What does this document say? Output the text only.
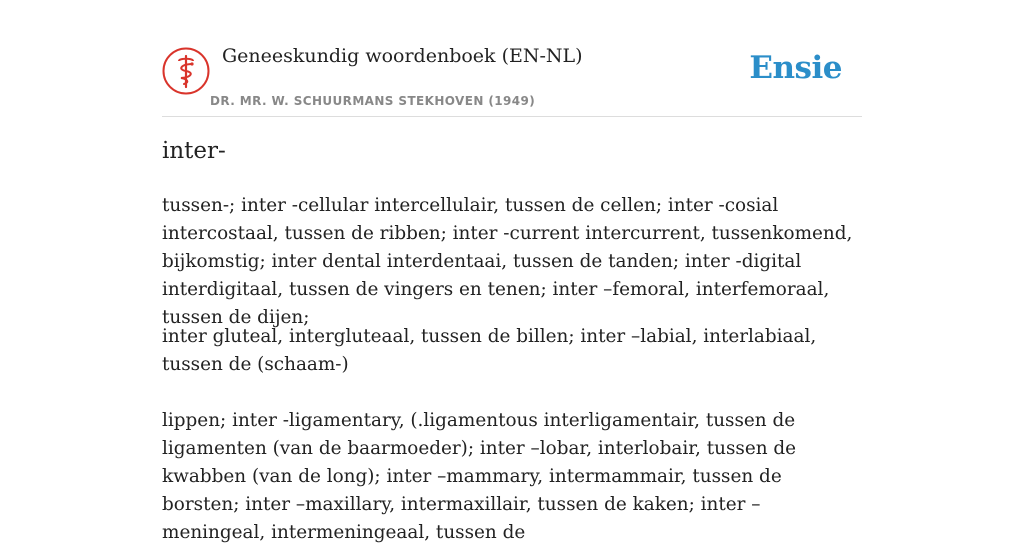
Geneeskundig woordenboek (EN-NL)
DR. MR. W. SCHUURMANS STEKHOVEN (1949)
Ensie
inter-

tussen-; inter -cellular intercellulair, tussen de cellen; inter -cosial intercostaal, tussen de ribben; inter -current intercurrent, tussenkomend, bijkomstig; inter dental interdentaai, tussen de tanden; inter -digital interdigitaal, tussen de vingers en tenen; inter –femoral, interfemoraal, tussen de dijen;

inter gluteal, intergluteaal, tussen de billen; inter –labial, interlabiaal, tussen de (schaam-)

lippen; inter -ligamentary, (.ligamentous interligamentair, tussen de ligamenten (van de baarmoeder); inter –lobar, interlobair, tussen de kwabben (van de long); inter –mammary, intermammair, tussen de borsten; inter –maxillary, intermaxillair, tussen de kaken; inter –meningeal, intermeningeaal, tussen de
